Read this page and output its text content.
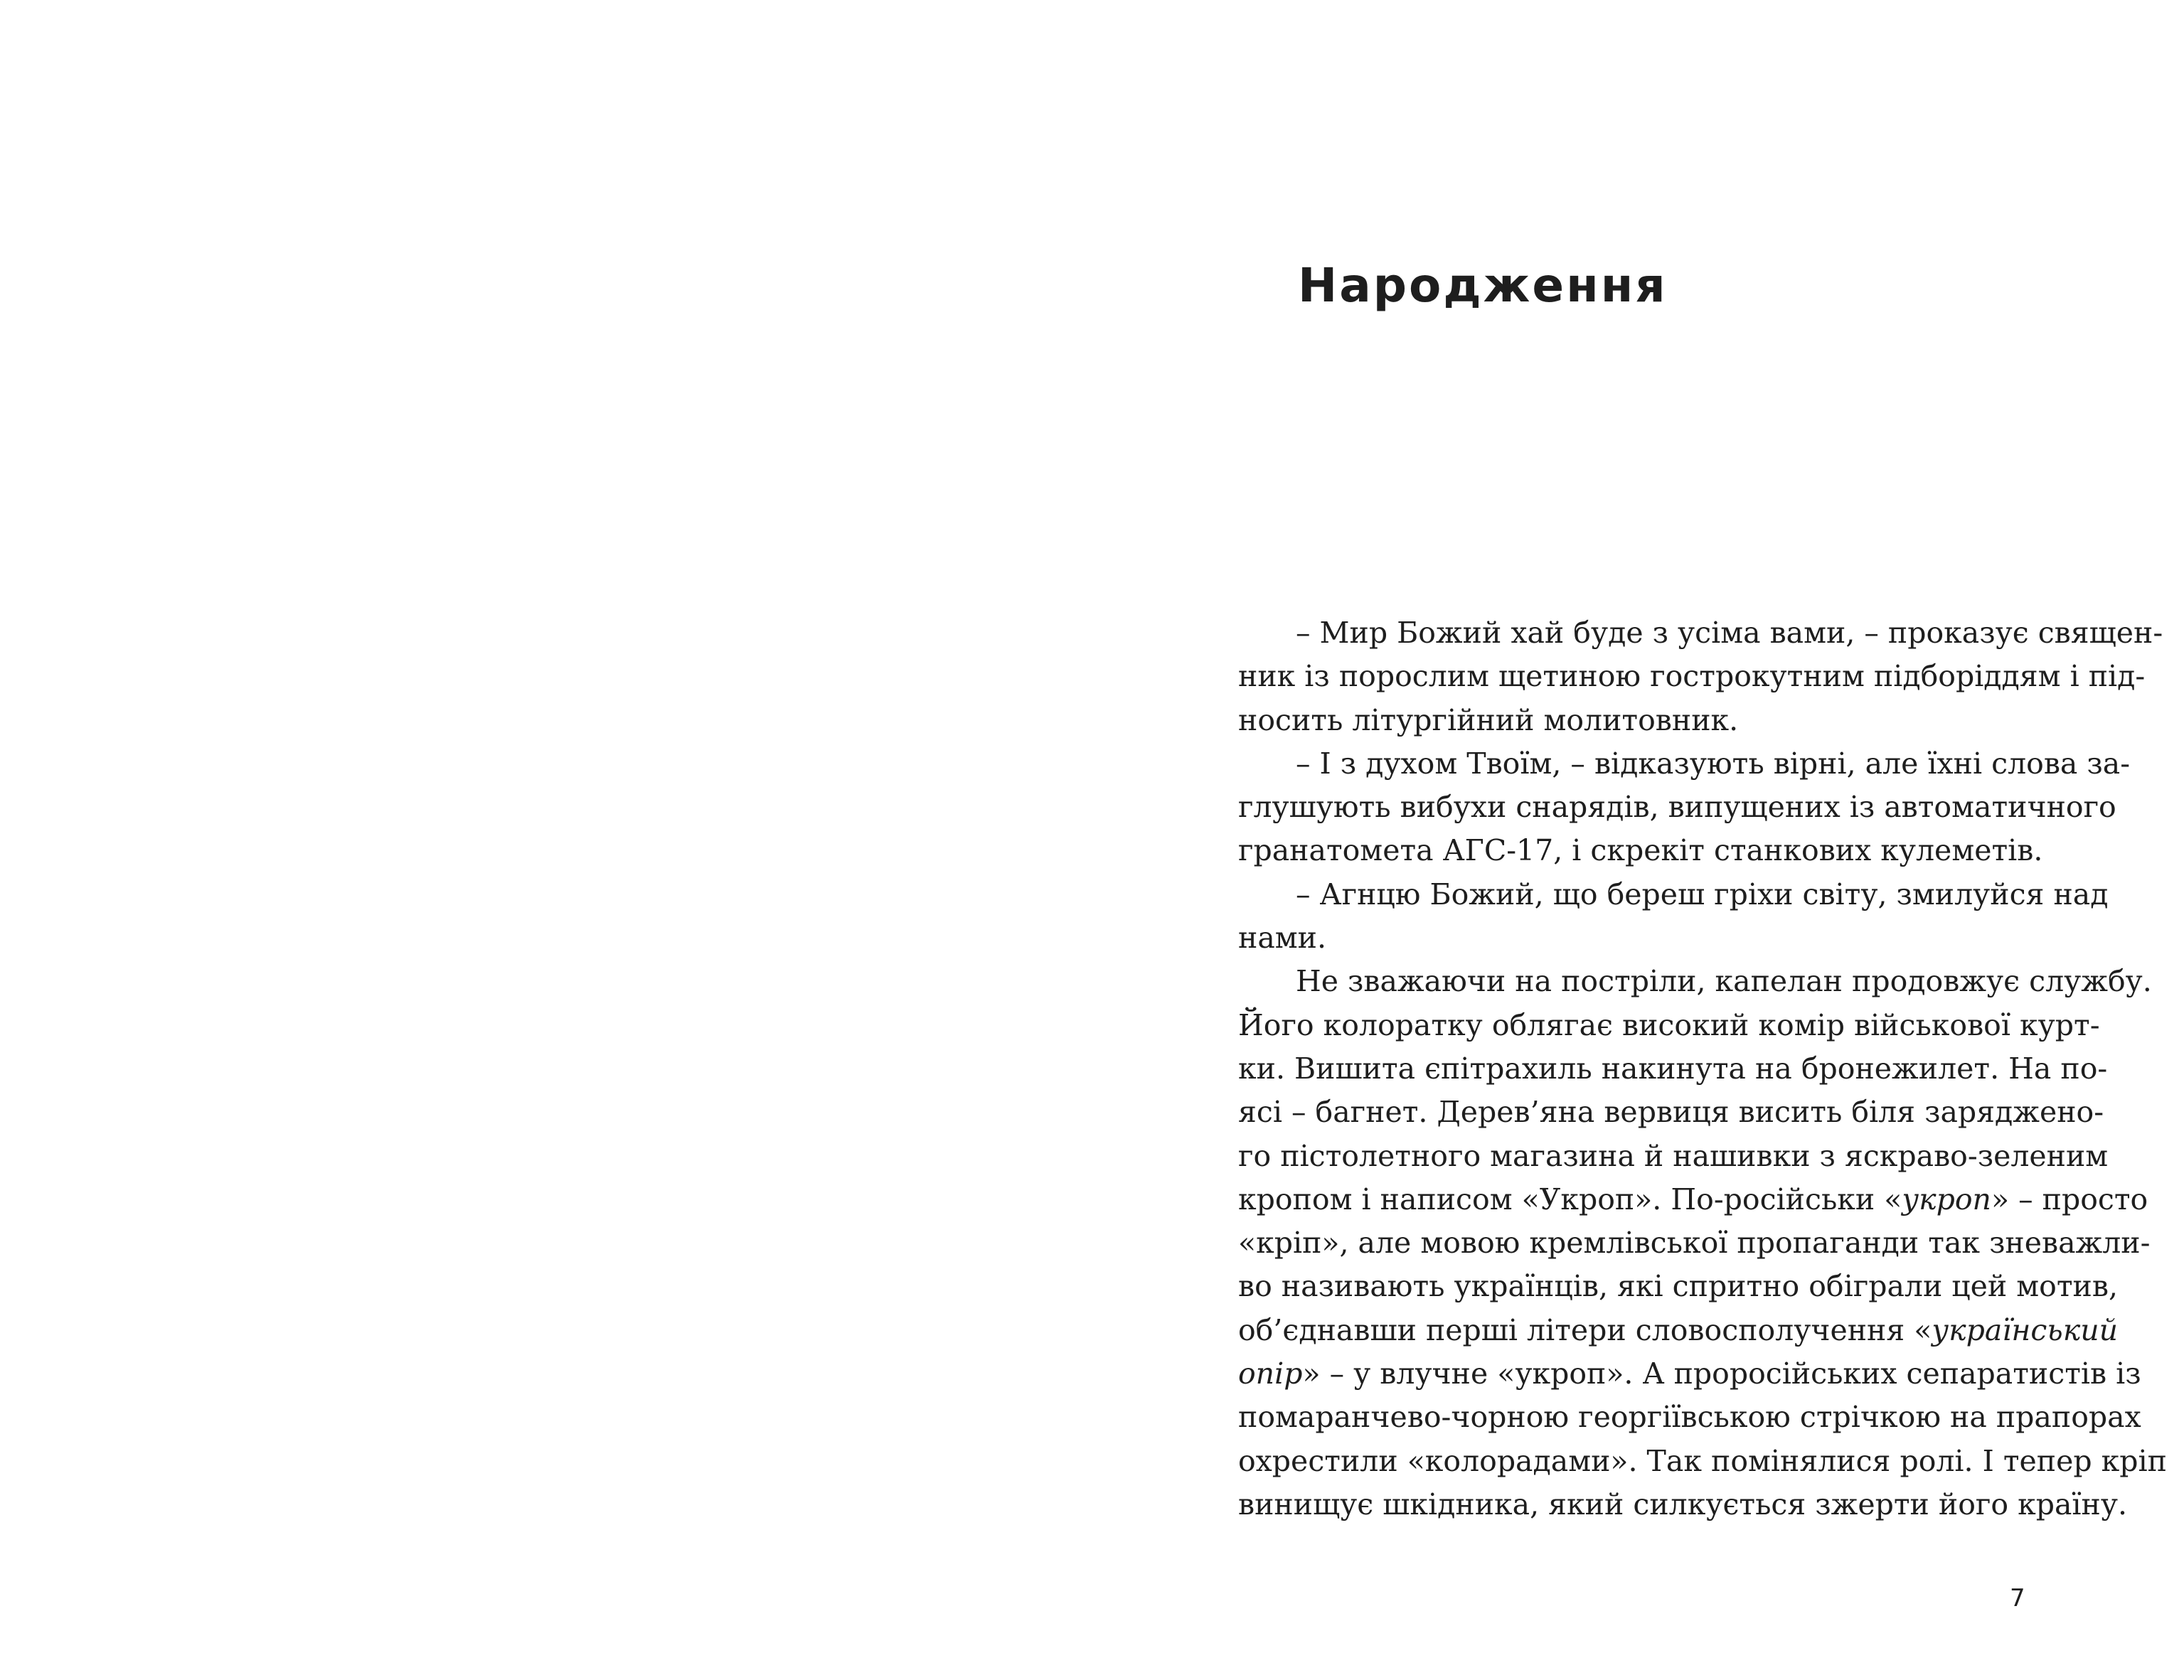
Народження
– Мир Божий хай буде з усіма вами, – проказує священ-
ник із порослим щетиною гострокутним підборіддям і під-
носить літургійний молитовник.
– І з духом Твоїм, – відказують вірні, але їхні слова за-
глушують вибухи снарядів, випущених із автоматичного
гранатомета АГС-17, і скрекіт станкових кулеметів.
– Агнцю Божий, що береш гріхи світу, змилуйся над
нами.
Не зважаючи на постріли, капелан продовжує службу.
Його колоратку облягає високий комір військової курт-
ки. Вишита єпітрахиль накинута на бронежилет. На по-
ясі – багнет. Дерев’яна вервиця висить біля заряджено-
го пістолетного магазина й нашивки з яскраво-зеленим
кропом і написом «Укроп». По-російськи «укроп» – просто
«кріп», але мовою кремлівської пропаганди так зневажли-
во називають українців, які спритно обіграли цей мотив,
об’єднавши перші літери словосполучення «український
опір» – у влучне «укроп». А проросійських сепаратистів із
помаранчево-чорною георгіївською стрічкою на прапорах
охрестили «колорадами». Так помінялися ролі. І тепер кріп
винищує шкідника, який силкується зжерти його країну.
7
